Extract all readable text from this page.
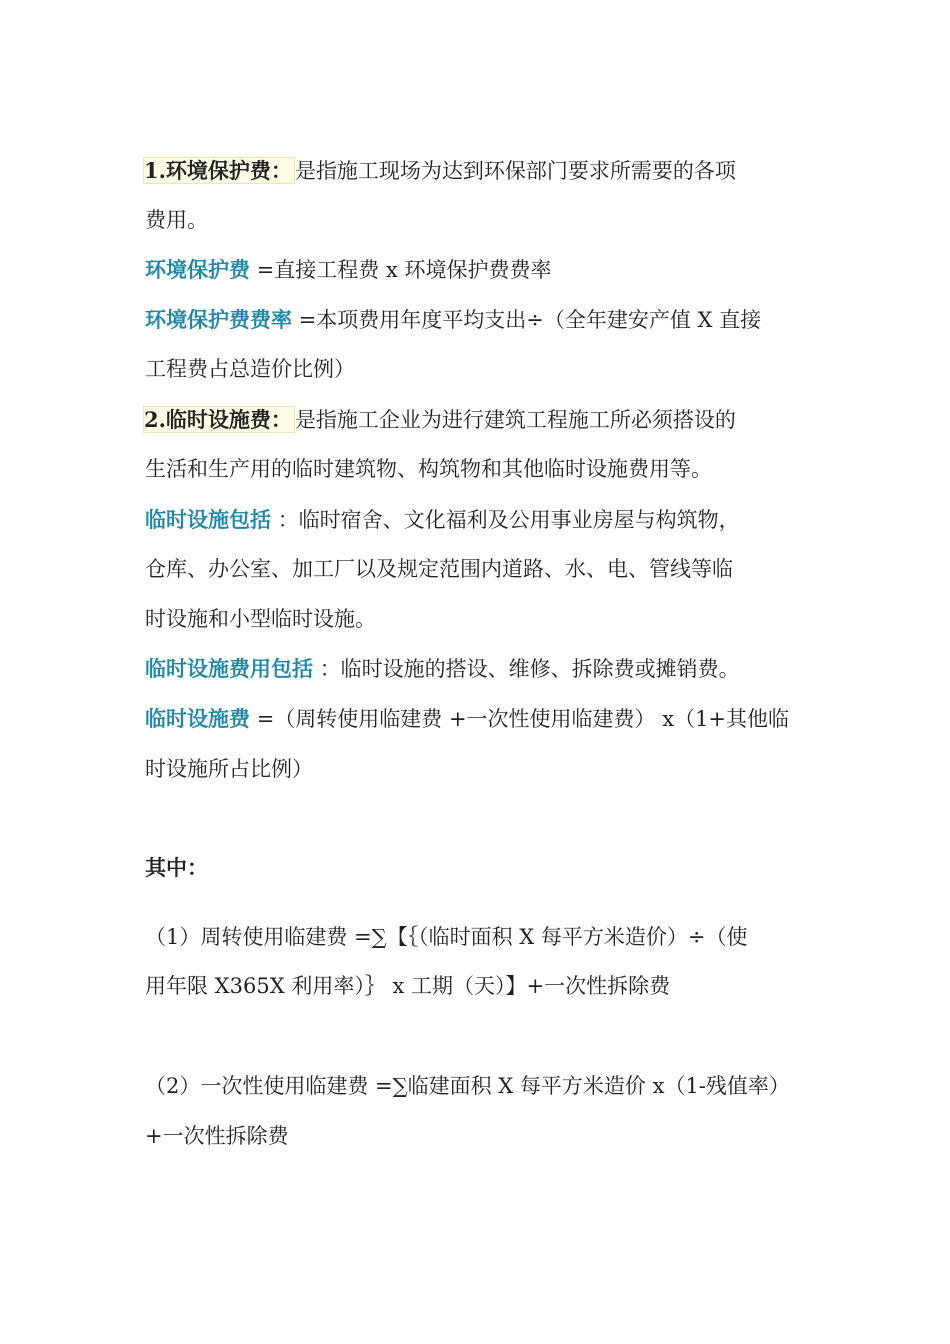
1.环境保护费： 是指施工现场为达到环保部门要求所需要的各项
费用。
环境保护费 =直接工程费 x 环境保护费费率
环境保护费费率 =本项费用年度平均支出÷（全年建安产值 X 直接
工程费占总造价比例）
2.临时设施费： 是指施工企业为进行建筑工程施工所必须搭设的
生活和生产用的临时建筑物、构筑物和其他临时设施费用等。
临时设施包括 ：临时宿舍、文化福利及公用事业房屋与构筑物，
仓库、办公室、加工厂以及规定范围内道路、水、电、管线等临
时设施和小型临时设施。
临时设施费用包括 ：临时设施的搭设、维修、拆除费或摊销费。
临时设施费 =（周转使用临建费 +一次性使用临建费） x（1+其他临
时设施所占比例）
其中：
（1）周转使用临建费 =∑【｛（临时面积 X 每平方米造价）÷（使
用年限 X365X 利用率）｝ x 工期（天）】+一次性拆除费
（2）一次性使用临建费 =∑临建面积 X 每平方米造价 x（1-残值率）
+一次性拆除费
